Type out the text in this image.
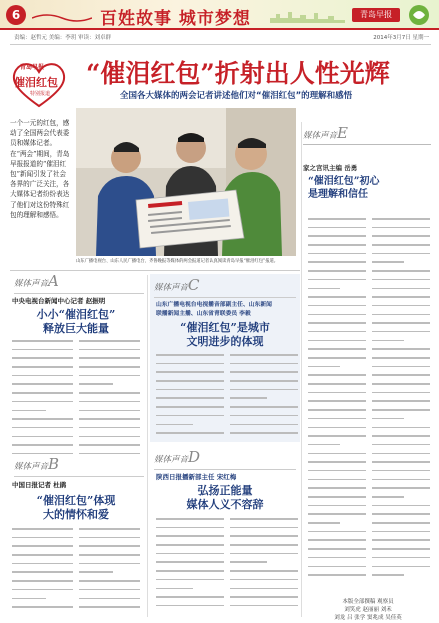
6	百姓故事 城市梦想	青岛早报
责编：赵哲元 美编：李玥 审读：刘卓群	2014年3月7日 星期一
青岛早报
催泪红包
特别报道
“催泪红包”折射出人性光辉
全国各大媒体的两会记者讲述他们对“催泪红包”的理解和感悟
一个一元的红包，感动了全国两会代表委员和媒体记者。在“两会”期间，青岛早报报道的“催泪红包”新闻引发了社会各界的广泛关注，各大媒体记者纷纷表达了他们对这份特殊红包的理解和感悟。
山东广播电视台、山东人民广播电台、齐鲁晚报等媒体的两会报道记者认真阅读青岛早报“催泪红包”报道。
媒体声音E
家之宫讯主编 岳勇
“催泪红包”初心
是理解和信任
本版全部撰稿 观察员
刘笑虎 赵丽丽 刘禾
刘龙 吕 张学 窦兆成 吴佳英
媒体声音A
中央电视台新闻中心记者 赵振明
小小“催泪红包”
释放巨大能量
媒体声音B
中国日报记者 杜鹃
“催泪红包”体现
大的情怀和爱
媒体声音C
山东广播电视台电视播音部副主任、山东新闻
联播新闻主播、山东省青联委员 李毅
“催泪红包”是城市
文明进步的体现
媒体声音D
陕西日报播新部主任 宋红梅
弘扬正能量
媒体人义不容辞
